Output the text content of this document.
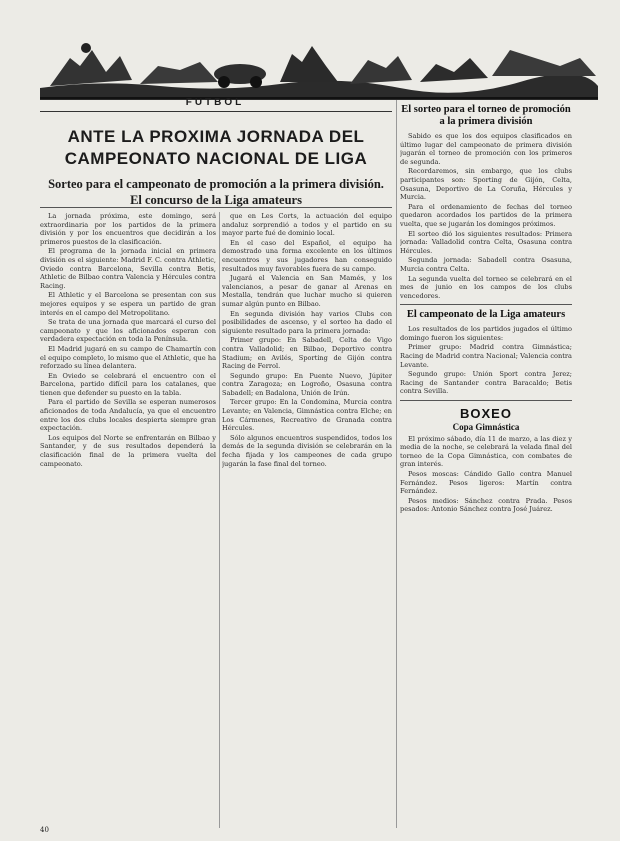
FUTBOL
ANTE LA PROXIMA JORNADA DEL CAMPEONATO NACIONAL DE LIGA
Sorteo para el campeonato de promoción a la primera división. El concurso de la Liga amateurs

La jornada próxima, este domingo, será extraordinaria por los partidos de la primera división y por los encuentros que decidirán a los primeros puestos de la clasificación.

El programa de la jornada inicial en primera división es el siguiente: Madrid F. C. contra Athletic, Oviedo contra Barcelona, Sevilla contra Betis, Athletic de Bilbao contra Valencia y Hércules contra Racing.

El Athletic y el Barcelona se presentan con sus mejores equipos y se espera un partido de gran interés en el campo del Metropolitano.

Se trata de una jornada que marcará el curso del campeonato y que los aficionados esperan con verdadera expectación en toda la Península.

El Madrid jugará en su campo de Chamartín con el equipo completo, lo mismo que el Athletic, que ha reforzado su línea delantera.

En Oviedo se celebrará el encuentro con el Barcelona, partido difícil para los catalanes, que tienen que defender su puesto en la tabla.

Para el partido de Sevilla se esperan numerosos aficionados de toda Andalucía, ya que el encuentro entre los dos clubs locales despierta siempre gran expectación.

Los equipos del Norte se enfrentarán en Bilbao y Santander, y de sus resultados dependerá la clasificación final de la primera vuelta del campeonato.

que en Les Corts, la actuación del equipo andaluz sorprendió a todos y el partido en su mayor parte fué de dominio local.

En el caso del Español, el equipo ha demostrado una forma excelente en los últimos encuentros y sus jugadores han conseguido resultados muy favorables fuera de su campo.

Jugará el Valencia en San Mamés, y los valencianos, a pesar de ganar al Arenas en Mestalla, tendrán que luchar mucho si quieren sumar algún punto en Bilbao.

En segunda división hay varios Clubs con posibilidades de ascenso, y el sorteo ha dado el siguiente resultado para la primera jornada:

Primer grupo: En Sabadell, Celta de Vigo contra Valladolid; en Bilbao, Deportivo contra Stadium; en Avilés, Sporting de Gijón contra Racing de Ferrol.

Segundo grupo: En Puente Nuevo, Júpiter contra Zaragoza; en Logroño, Osasuna contra Sabadell; en Badalona, Unión de Irún.

Tercer grupo: En la Condomina, Murcia contra Levante; en Valencia, Gimnástica contra Elche; en Los Cármenes, Recreativo de Granada contra Hércules.

Sólo algunos encuentros suspendidos, todos los demás de la segunda división se celebrarán en la fecha fijada y los campeones de cada grupo jugarán la fase final del torneo.

El sorteo para el torneo de promoción a la primera división

Sabido es que los dos equipos clasificados en último lugar del campeonato de primera división jugarán el torneo de promoción con los primeros de segunda.

Recordaremos, sin embargo, que los clubs participantes son: Sporting de Gijón, Celta, Osasuna, Deportivo de La Coruña, Hércules y Murcia.

Para el ordenamiento de fechas del torneo quedaron acordados los partidos de la primera vuelta, que se jugarán los domingos próximos.

El sorteo dió los siguientes resultados: Primera jornada: Valladolid contra Celta, Osasuna contra Hércules.

Segunda jornada: Sabadell contra Osasuna, Murcia contra Celta.

La segunda vuelta del torneo se celebrará en el mes de junio en los campos de los clubs vencedores.

El campeonato de la Liga amateurs

Los resultados de los partidos jugados el último domingo fueron los siguientes:

Primer grupo: Madrid contra Gimnástica; Racing de Madrid contra Nacional; Valencia contra Levante.

Segundo grupo: Unión Sport contra Jerez; Racing de Santander contra Baracaldo; Betis contra Sevilla.

BOXEO
Copa Gimnástica

El próximo sábado, día 11 de marzo, a las diez y media de la noche, se celebrará la velada final del torneo de la Copa Gimnástica, con combates de gran interés.

Pesos moscas: Cándido Gallo contra Manuel Fernández. Pesos ligeros: Martín contra Fernández.

Pesos medios: Sánchez contra Prada. Pesos pesados: Antonio Sánchez contra José Juárez.

40
